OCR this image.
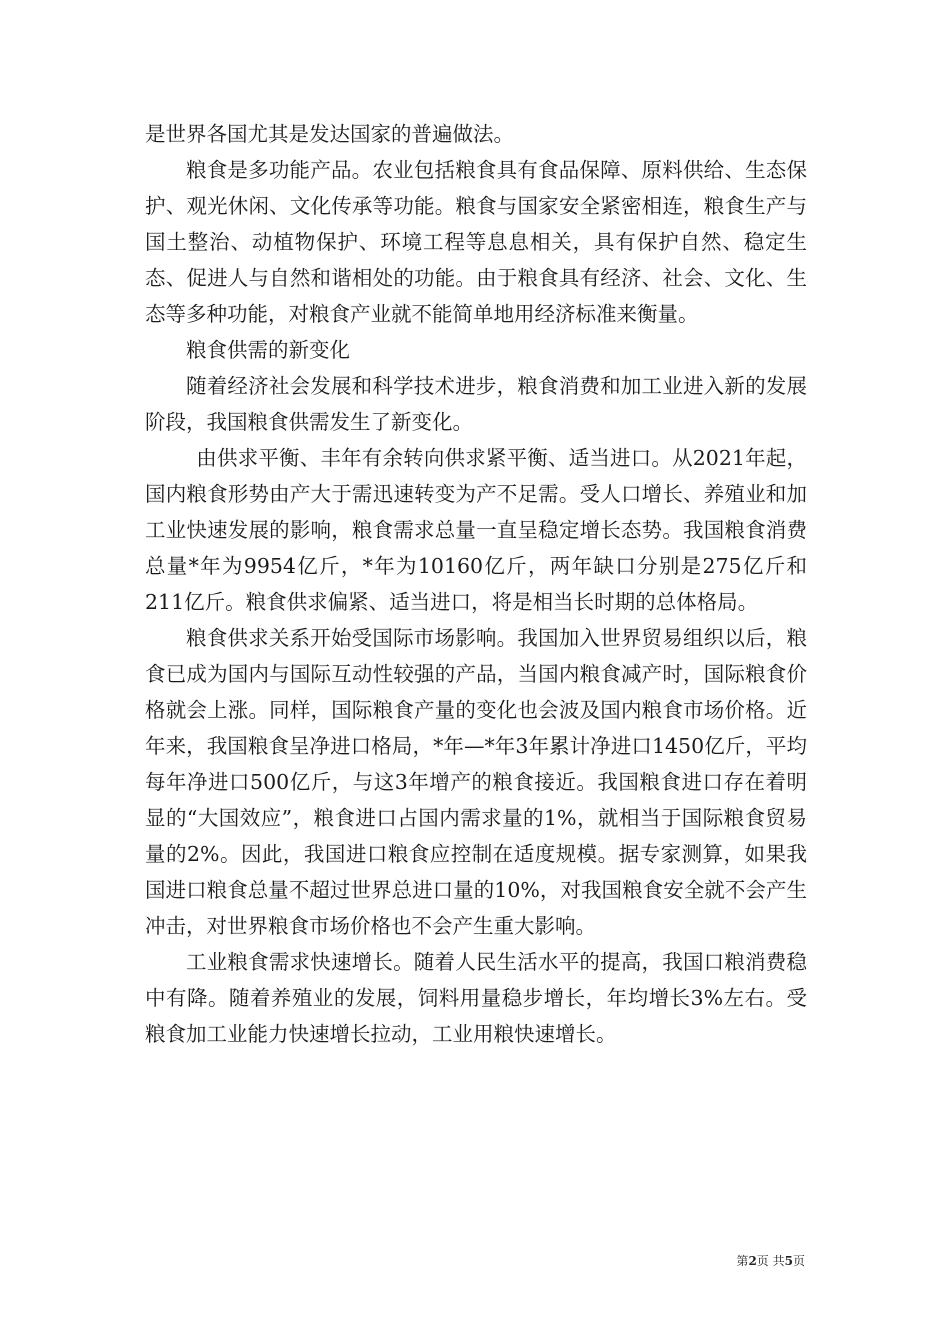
是世界各国尤其是发达国家的普遍做法。

粮食是多功能产品。农业包括粮食具有食品保障、原料供给、生态保护、观光休闲、文化传承等功能。粮食与国家安全紧密相连，粮食生产与国土整治、动植物保护、环境工程等息息相关，具有保护自然、稳定生态、促进人与自然和谐相处的功能。由于粮食具有经济、社会、文化、生态等多种功能，对粮食产业就不能简单地用经济标准来衡量。

粮食供需的新变化

随着经济社会发展和科学技术进步，粮食消费和加工业进入新的发展阶段，我国粮食供需发生了新变化。

由供求平衡、丰年有余转向供求紧平衡、适当进口。从2021年起，国内粮食形势由产大于需迅速转变为产不足需。受人口增长、养殖业和加工业快速发展的影响，粮食需求总量一直呈稳定增长态势。我国粮食消费总量*年为9954亿斤，*年为10160亿斤，两年缺口分别是275亿斤和211亿斤。粮食供求偏紧、适当进口，将是相当长时期的总体格局。

粮食供求关系开始受国际市场影响。我国加入世界贸易组织以后，粮食已成为国内与国际互动性较强的产品，当国内粮食减产时，国际粮食价格就会上涨。同样，国际粮食产量的变化也会波及国内粮食市场价格。近年来，我国粮食呈净进口格局，*年—*年3年累计净进口1450亿斤，平均每年净进口500亿斤，与这3年增产的粮食接近。我国粮食进口存在着明显的“大国效应”，粮食进口占国内需求量的1%，就相当于国际粮食贸易量的2%。因此，我国进口粮食应控制在适度规模。据专家测算，如果我国进口粮食总量不超过世界总进口量的10%，对我国粮食安全就不会产生冲击，对世界粮食市场价格也不会产生重大影响。

工业粮食需求快速增长。随着人民生活水平的提高，我国口粮消费稳中有降。随着养殖业的发展，饲料用量稳步增长，年均增长3%左右。受粮食加工业能力快速增长拉动，工业用粮快速增长。

第2页 共5页
